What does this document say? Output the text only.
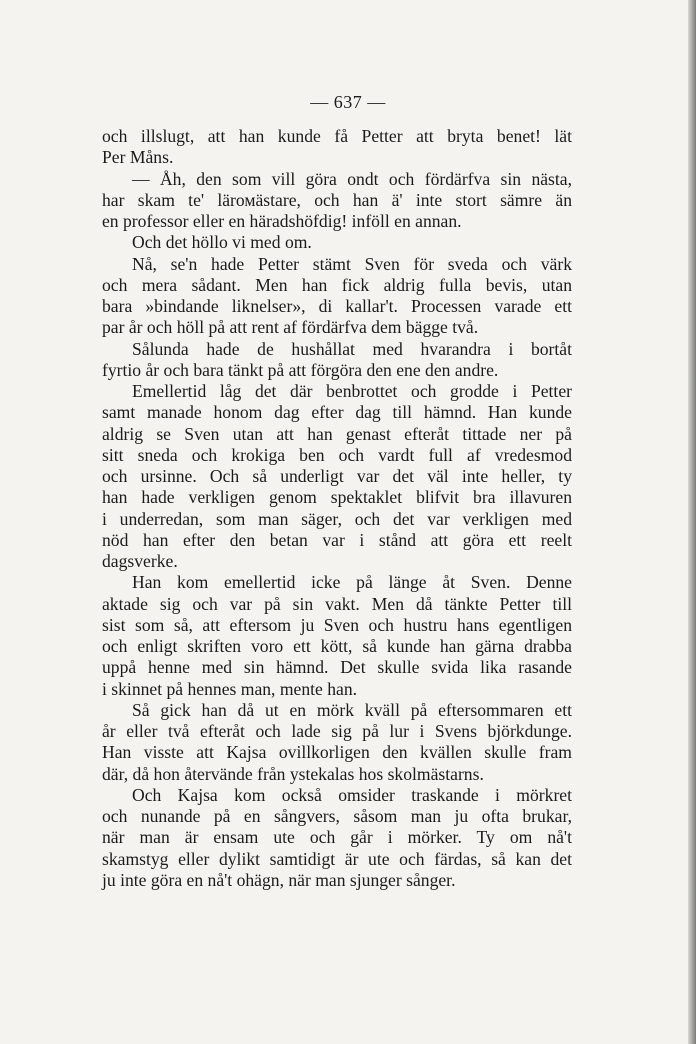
— 637 —
och illslugt, att han kunde få Petter att bryta benet! lät
Per Måns.
— Åh, den som vill göra ondt och fördärfva sin nästa,
har skam te' lärомästare, och han ä' inte stort sämre än
en professor eller en häradshöfdig! inföll en annan.
Och det höllo vi med om.
Nå, se'n hade Petter stämt Sven för sveda och värk
och mera sådant. Men han fick aldrig fulla bevis, utan
bara »bindande liknelser», di kallar't. Processen varade ett
par år och höll på att rent af fördärfva dem bägge två.
Sålunda hade de hushållat med hvarandra i bortåt
fyrtio år och bara tänkt på att förgöra den ene den andre.
Emellertid låg det där benbrottet och grodde i Petter
samt manade honom dag efter dag till hämnd. Han kunde
aldrig se Sven utan att han genast efteråt tittade ner på
sitt sneda och krokiga ben och vardt full af vredesmod
och ursinne. Och så underligt var det väl inte heller, ty
han hade verkligen genom spektaklet blifvit bra illavuren
i underredan, som man säger, och det var verkligen med
nöd han efter den betan var i stånd att göra ett reelt
dagsverke.
Han kom emellertid icke på länge åt Sven. Denne
aktade sig och var på sin vakt. Men då tänkte Petter till
sist som så, att eftersom ju Sven och hustru hans egentligen
och enligt skriften voro ett kött, så kunde han gärna drabba
uppå henne med sin hämnd. Det skulle svida lika rasande
i skinnet på hennes man, mente han.
Så gick han då ut en mörk kväll på eftersommaren ett
år eller två efteråt och lade sig på lur i Svens björkdunge.
Han visste att Kajsa ovillkorligen den kvällen skulle fram
där, då hon återvände från ystekalas hos skolmästarns.
Och Kajsa kom också omsider traskande i mörkret
och nunande på en sångvers, såsom man ju ofta brukar,
när man är ensam ute och går i mörker. Ty om nå't
skamstyg eller dylikt samtidigt är ute och färdas, så kan det
ju inte göra en nå't ohägn, när man sjunger sånger.
